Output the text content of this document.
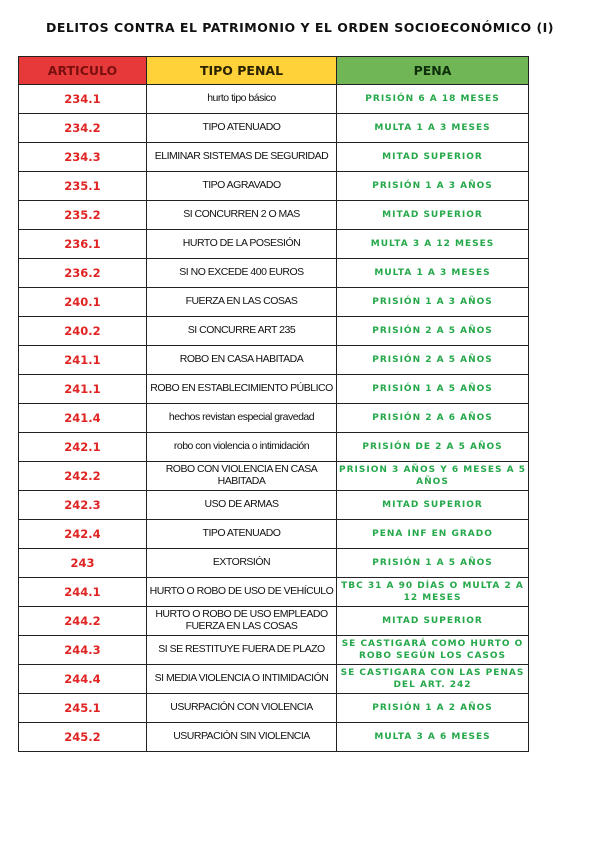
DELITOS CONTRA EL PATRIMONIO Y EL ORDEN SOCIOECONÓMICO (I)
ARTICULO	TIPO PENAL	PENA
234.1	hurto tipo básico	PRISIÓN 6 A 18 MESES
234.2	TIPO ATENUADO	MULTA 1 A 3 MESES
234.3	ELIMINAR SISTEMAS DE SEGURIDAD	MITAD SUPERIOR
235.1	TIPO AGRAVADO	PRISIÓN 1 A 3 AÑOS
235.2	SI CONCURREN 2 O MAS	MITAD SUPERIOR
236.1	HURTO DE LA POSESIÓN	MULTA 3 A 12 MESES
236.2	SI NO EXCEDE 400 EUROS	MULTA 1 A 3 MESES
240.1	FUERZA EN LAS COSAS	PRISIÓN 1 A 3 AÑOS
240.2	SI CONCURRE ART 235	PRISIÓN 2 A 5 AÑOS
241.1	ROBO EN CASA HABITADA	PRISIÓN 2 A 5 AÑOS
241.1	ROBO EN ESTABLECIMIENTO PÚBLICO	PRISIÓN 1 A 5 AÑOS
241.4	hechos revistan especial gravedad	PRISIÓN 2 A 6 AÑOS
242.1	robo con violencia o intimidación	PRISIÓN DE 2 A 5 AÑOS
242.2	ROBO CON VIOLENCIA EN CASA HABITADA	PRISION 3 AÑOS Y 6 MESES A 5 AÑOS
242.3	USO DE ARMAS	MITAD SUPERIOR
242.4	TIPO ATENUADO	PENA INF EN GRADO
243	EXTORSIÓN	PRISIÓN 1 A 5 AÑOS
244.1	HURTO O ROBO DE USO DE VEHÍCULO	TBC 31 A 90 DÍAS O MULTA 2 A 12 MESES
244.2	HURTO O ROBO DE USO EMPLEADO FUERZA EN LAS COSAS	MITAD SUPERIOR
244.3	SI SE RESTITUYE FUERA DE PLAZO	SE CASTIGARÁ COMO HURTO O ROBO SEGÚN LOS CASOS
244.4	SI MEDIA VIOLENCIA O INTIMIDACIÓN	SE CASTIGARA CON LAS PENAS DEL ART. 242
245.1	USURPACIÓN CON VIOLENCIA	PRISIÓN 1 A 2 AÑOS
245.2	USURPACIÓN SIN VIOLENCIA	MULTA 3 A 6 MESES
